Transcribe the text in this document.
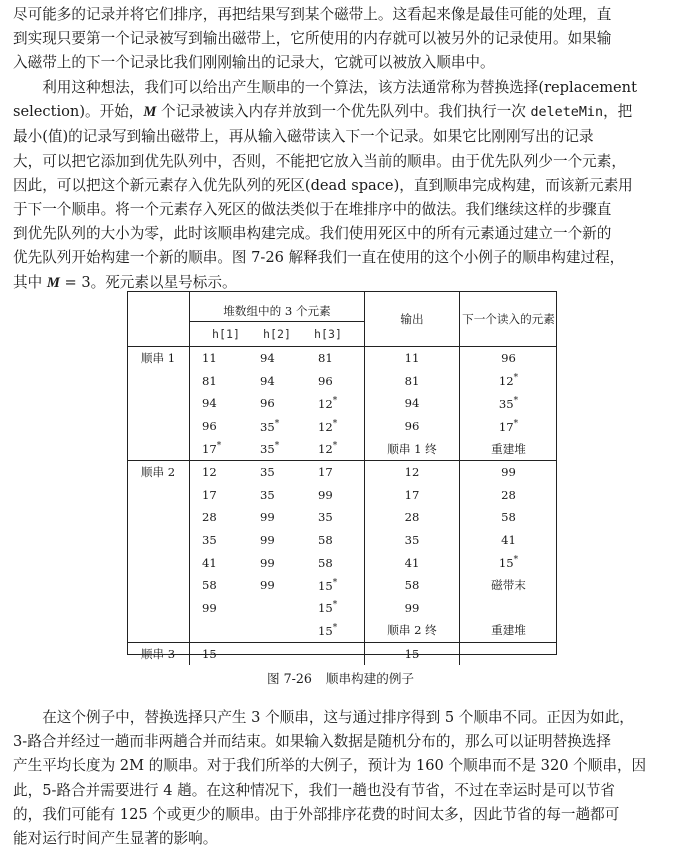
尽可能多的记录并将它们排序，再把结果写到某个磁带上。这看起来像是最佳可能的处理，直
到实现只要第一个记录被写到输出磁带上，它所使用的内存就可以被另外的记录使用。如果输
入磁带上的下一个记录比我们刚刚输出的记录大，它就可以被放入顺串中。

　　利用这种想法，我们可以给出产生顺串的一个算法，该方法通常称为替换选择(replacement
selection)。开始，M 个记录被读入内存并放到一个优先队列中。我们执行一次 deleteMin，把
最小(值)的记录写到输出磁带上，再从输入磁带读入下一个记录。如果它比刚刚写出的记录
大，可以把它添加到优先队列中，否则，不能把它放入当前的顺串。由于优先队列少一个元素，
因此，可以把这个新元素存入优先队列的死区(dead space)，直到顺串完成构建，而该新元素用
于下一个顺串。将一个元素存入死区的做法类似于在堆排序中的做法。我们继续这样的步骤直
到优先队列的大小为零，此时该顺串构建完成。我们使用死区中的所有元素通过建立一个新的
优先队列开始构建一个新的顺串。图 7-26 解释我们一直在使用的这个小例子的顺串构建过程，
其中 M = 3。死元素以星号标示。

	堆数组中的 3 个元素			输出	下一个读入的元素
	h[1] h[2] h[3]				
顺串 1	11	94	81	11	96
	81	94	96	81	12*
	94	96	12*	94	35*
	96	35*	12*	96	17*
	17*	35*	12*	顺串 1 终	重建堆
顺串 2	12	35	17	12	99
	17	35	99	17	28
	28	99	35	28	58
	35	99	58	35	41
	41	99	58	41	15*
	58	99	15*	58	磁带末
	99		15*	99	
			15*	顺串 2 终	重建堆
顺串 3	15			15	
图 7-26 顺串构建的例子

　　在这个例子中，替换选择只产生 3 个顺串，这与通过排序得到 5 个顺串不同。正因为如此，
3-路合并经过一趟而非两趟合并而结束。如果输入数据是随机分布的，那么可以证明替换选择
产生平均长度为 2M 的顺串。对于我们所举的大例子，预计为 160 个顺串而不是 320 个顺串，因
此，5-路合并需要进行 4 趟。在这种情况下，我们一趟也没有节省，不过在幸运时是可以节省
的，我们可能有 125 个或更少的顺串。由于外部排序花费的时间太多，因此节省的每一趟都可
能对运行时间产生显著的影响。
